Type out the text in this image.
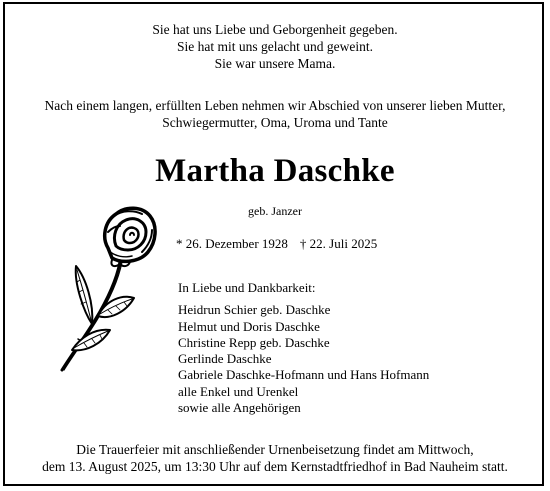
Sie hat uns Liebe und Geborgenheit gegeben.
Sie hat mit uns gelacht und geweint.
Sie war unsere Mama.
Nach einem langen, erfüllten Leben nehmen wir Abschied von unserer lieben Mutter,
Schwiegermutter, Oma, Uroma und Tante
Martha Daschke
geb. Janzer
* 26. Dezember 1928 † 22. Juli 2025
In Liebe und Dankbarkeit:
Heidrun Schier geb. Daschke
Helmut und Doris Daschke
Christine Repp geb. Daschke
Gerlinde Daschke
Gabriele Daschke-Hofmann und Hans Hofmann
alle Enkel und Urenkel
sowie alle Angehörigen
Die Trauerfeier mit anschließender Urnenbeisetzung findet am Mittwoch,
dem 13. August 2025, um 13:30 Uhr auf dem Kernstadtfriedhof in Bad Nauheim statt.
